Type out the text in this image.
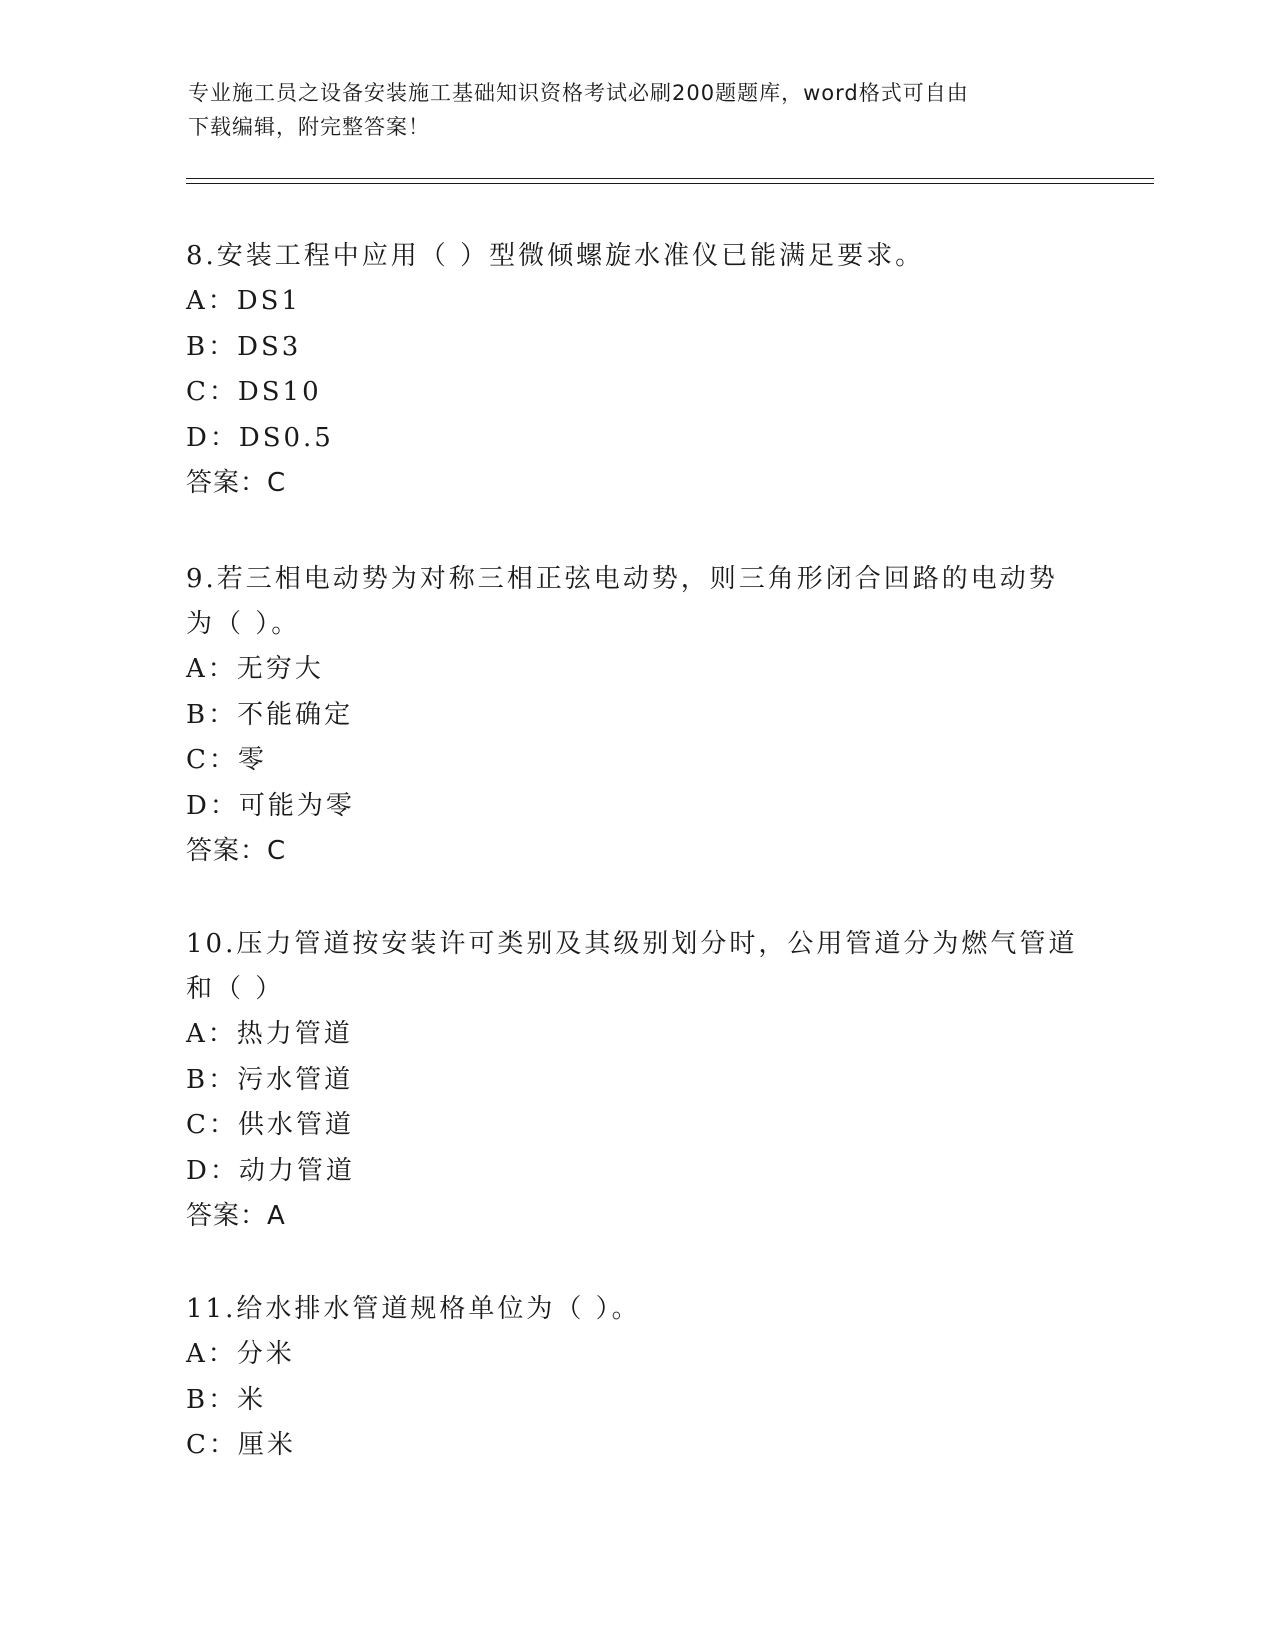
专业施工员之设备安装施工基础知识资格考试必刷200题题库，word格式可自由
下载编辑，附完整答案！

8.安装工程中应用（ ）型微倾螺旋水准仪已能满足要求。

A：DS1

B：DS3

C：DS10

D：DS0.5

答案：C

9.若三相电动势为对称三相正弦电动势，则三角形闭合回路的电动势

为（ ）。

A：无穷大

B：不能确定

C：零

D：可能为零

答案：C

10.压力管道按安装许可类别及其级别划分时，公用管道分为燃气管道

和（ ）

A：热力管道

B：污水管道

C：供水管道

D：动力管道

答案：A

11.给水排水管道规格单位为（ ）。

A：分米

B：米

C：厘米
